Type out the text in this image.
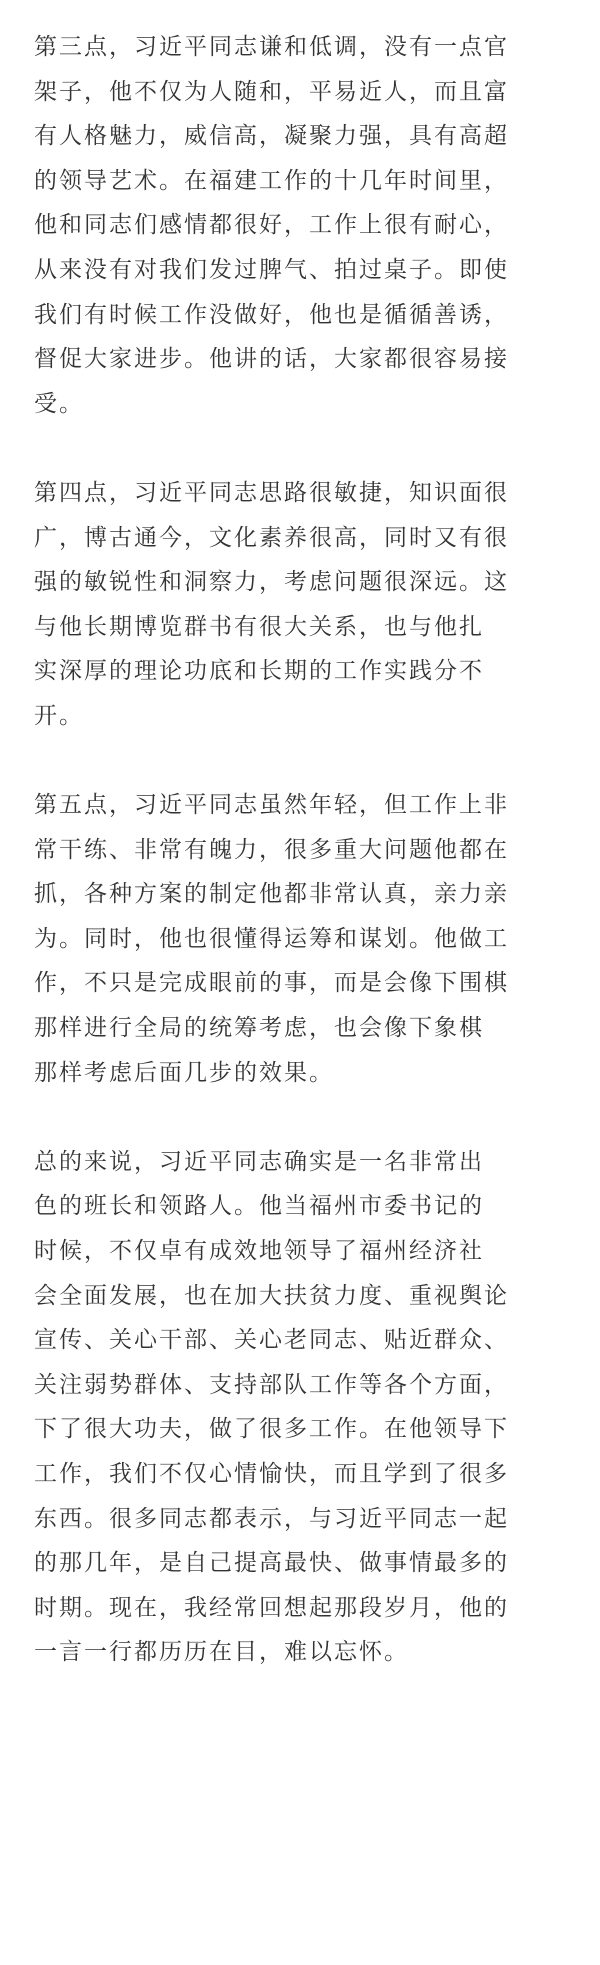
第三点，习近平同志谦和低调，没有一点官
架子，他不仅为人随和，平易近人，而且富
有人格魅力，威信高，凝聚力强，具有高超
的领导艺术。在福建工作的十几年时间里，
他和同志们感情都很好，工作上很有耐心，
从来没有对我们发过脾气、拍过桌子。即使
我们有时候工作没做好，他也是循循善诱，
督促大家进步。他讲的话，大家都很容易接
受。
第四点，习近平同志思路很敏捷，知识面很
广，博古通今，文化素养很高，同时又有很
强的敏锐性和洞察力，考虑问题很深远。这
与他长期博览群书有很大关系，也与他扎
实深厚的理论功底和长期的工作实践分不
开。
第五点，习近平同志虽然年轻，但工作上非
常干练、非常有魄力，很多重大问题他都在
抓，各种方案的制定他都非常认真，亲力亲
为。同时，他也很懂得运筹和谋划。他做工
作，不只是完成眼前的事，而是会像下围棋
那样进行全局的统筹考虑，也会像下象棋
那样考虑后面几步的效果。
总的来说，习近平同志确实是一名非常出
色的班长和领路人。他当福州市委书记的
时候，不仅卓有成效地领导了福州经济社
会全面发展，也在加大扶贫力度、重视舆论
宣传、关心干部、关心老同志、贴近群众、
关注弱势群体、支持部队工作等各个方面，
下了很大功夫，做了很多工作。在他领导下
工作，我们不仅心情愉快，而且学到了很多
东西。很多同志都表示，与习近平同志一起
的那几年，是自己提高最快、做事情最多的
时期。现在，我经常回想起那段岁月，他的
一言一行都历历在目，难以忘怀。
